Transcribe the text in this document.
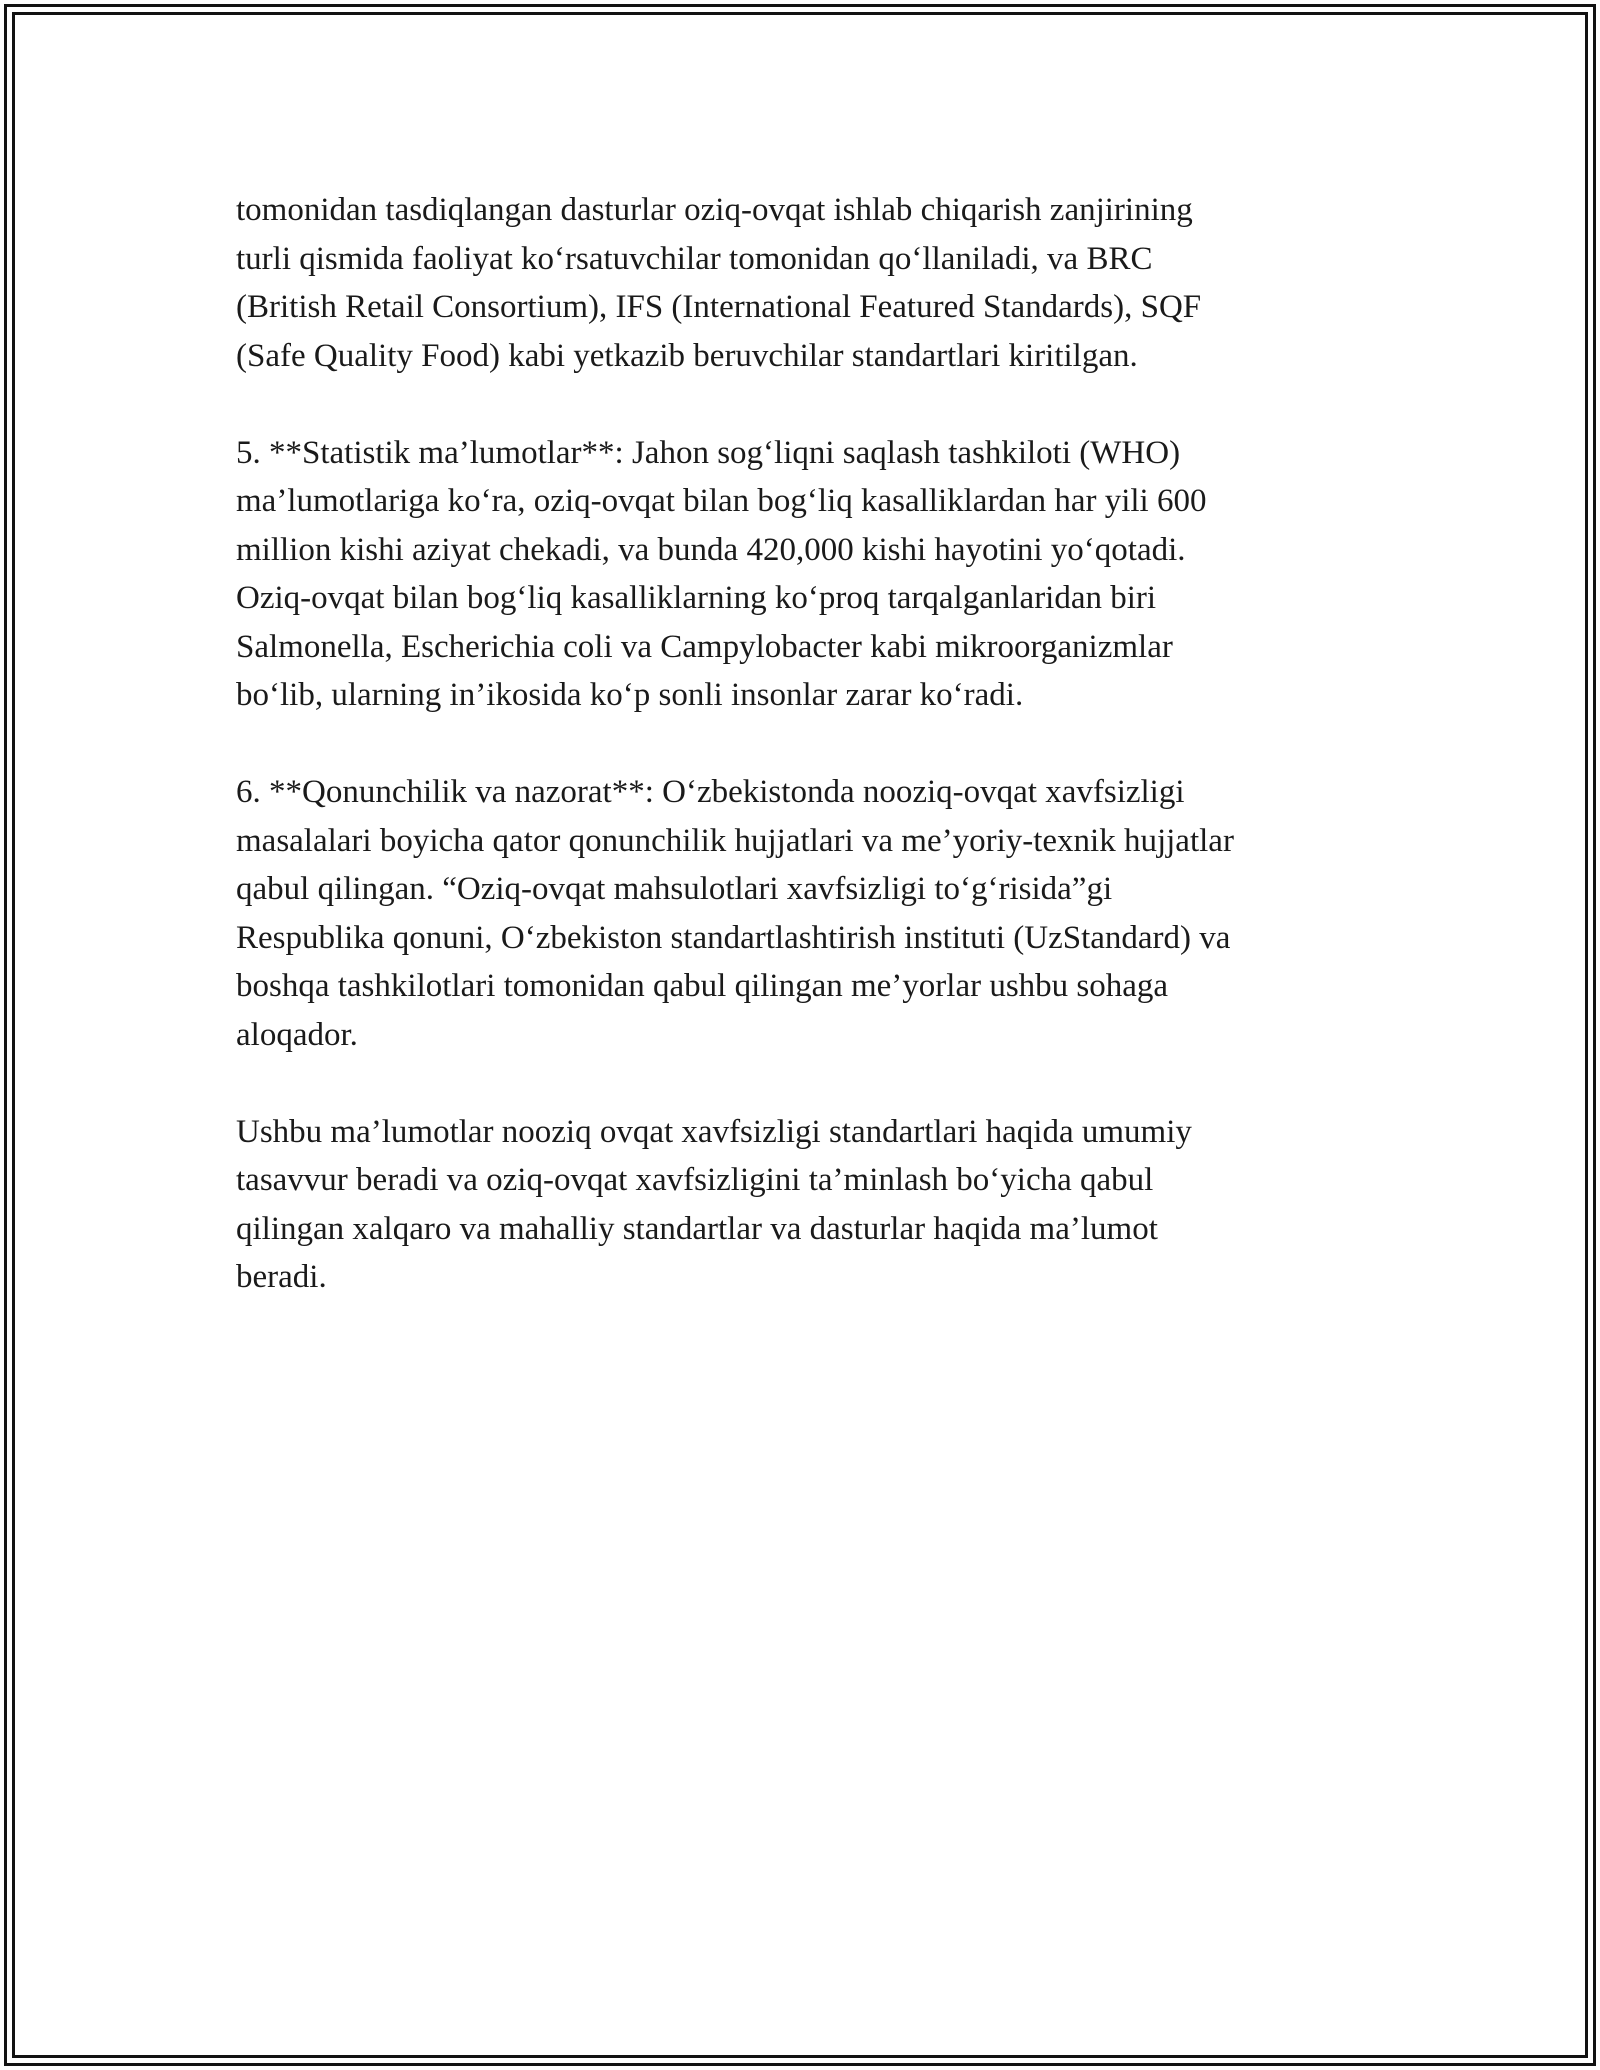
tomonidan tasdiqlangan dasturlar oziq-ovqat ishlab chiqarish zanjirining
turli qismida faoliyat ko‘rsatuvchilar tomonidan qo‘llaniladi, va BRC
(British Retail Consortium), IFS (International Featured Standards), SQF
(Safe Quality Food) kabi yetkazib beruvchilar standartlari kiritilgan.

5. **Statistik ma’lumotlar**: Jahon sog‘liqni saqlash tashkiloti (WHO)
ma’lumotlariga ko‘ra, oziq-ovqat bilan bog‘liq kasalliklardan har yili 600
million kishi aziyat chekadi, va bunda 420,000 kishi hayotini yo‘qotadi.
Oziq-ovqat bilan bog‘liq kasalliklarning ko‘proq tarqalganlaridan biri
Salmonella, Escherichia coli va Campylobacter kabi mikroorganizmlar
bo‘lib, ularning in’ikosida ko‘p sonli insonlar zarar ko‘radi.

6. **Qonunchilik va nazorat**: O‘zbekistonda nooziq-ovqat xavfsizligi
masalalari boyicha qator qonunchilik hujjatlari va me’yoriy-texnik hujjatlar
qabul qilingan. “Oziq-ovqat mahsulotlari xavfsizligi to‘g‘risida”gi
Respublika qonuni, O‘zbekiston standartlashtirish instituti (UzStandard) va
boshqa tashkilotlari tomonidan qabul qilingan me’yorlar ushbu sohaga
aloqador.

Ushbu ma’lumotlar nooziq ovqat xavfsizligi standartlari haqida umumiy
tasavvur beradi va oziq-ovqat xavfsizligini ta’minlash bo‘yicha qabul
qilingan xalqaro va mahalliy standartlar va dasturlar haqida ma’lumot
beradi.
